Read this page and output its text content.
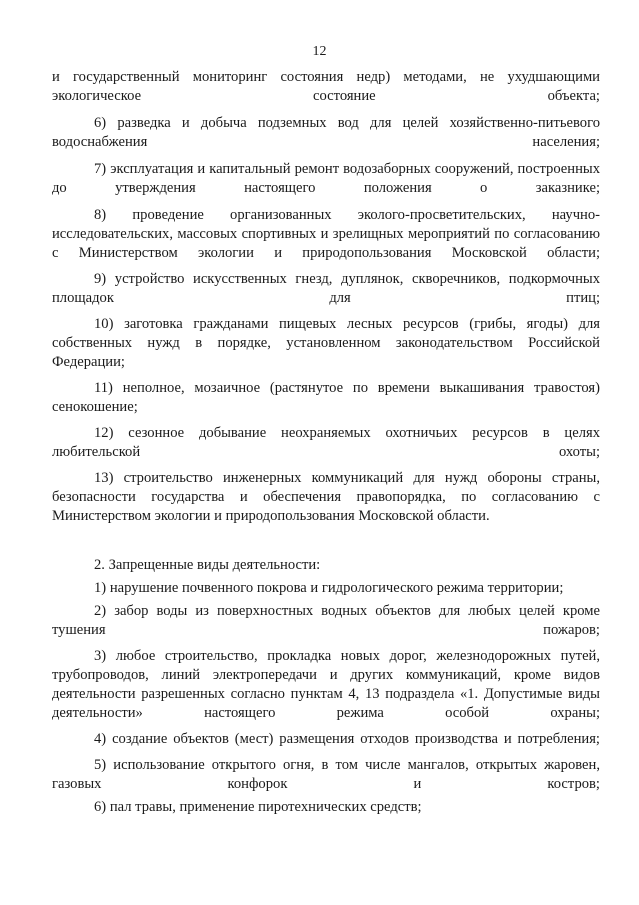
12

и государственный мониторинг состояния недр) методами, не ухудшающими экологическое состояние объекта;

6) разведка и добыча подземных вод для целей хозяйственно-питьевого водоснабжения населения;

7) эксплуатация и капитальный ремонт водозаборных сооружений, построенных до утверждения настоящего положения о заказнике;

8) проведение организованных эколого-просветительских, научно-исследовательских, массовых спортивных и зрелищных мероприятий по согласованию с Министерством экологии и природопользования Московской области;

9) устройство искусственных гнезд, дуплянок, скворечников, подкормочных площадок для птиц;

10) заготовка гражданами пищевых лесных ресурсов (грибы, ягоды) для собственных нужд в порядке, установленном законодательством Российской Федерации;

11) неполное, мозаичное (растянутое по времени выкашивания травостоя) сенокошение;

12) сезонное добывание неохраняемых охотничьих ресурсов в целях любительской охоты;

13) строительство инженерных коммуникаций для нужд обороны страны, безопасности государства и обеспечения правопорядка, по согласованию с Министерством экологии и природопользования Московской области.

2. Запрещенные виды деятельности:

1) нарушение почвенного покрова и гидрологического режима территории;

2) забор воды из поверхностных водных объектов для любых целей кроме тушения пожаров;

3) любое строительство, прокладка новых дорог, железнодорожных путей, трубопроводов, линий электропередачи и других коммуникаций, кроме видов деятельности разрешенных согласно пунктам 4, 13 подраздела «1. Допустимые виды деятельности» настоящего режима особой охраны;

4) создание объектов (мест) размещения отходов производства и потребления;

5) использование открытого огня, в том числе мангалов, открытых жаровен, газовых конфорок и костров;

6) пал травы, применение пиротехнических средств;
